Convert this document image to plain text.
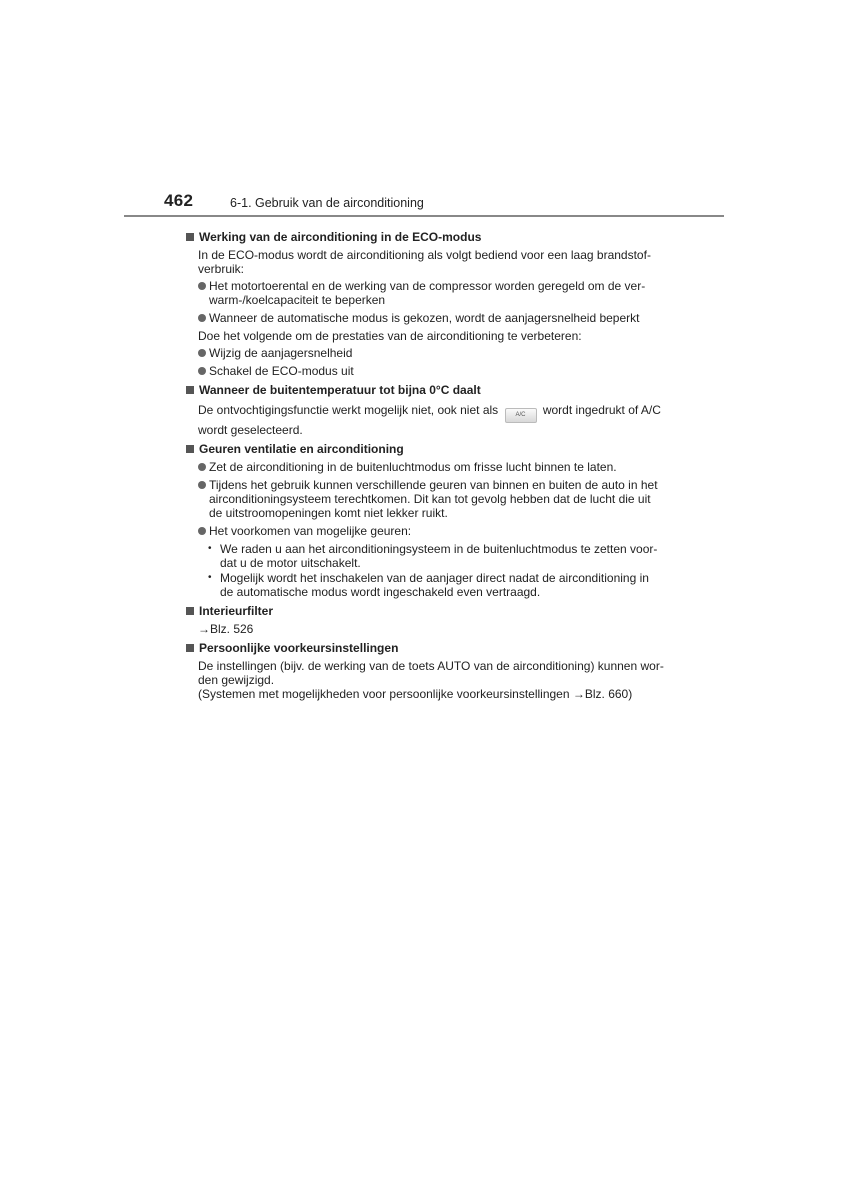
462	6-1. Gebruik van de airconditioning
Werking van de airconditioning in de ECO-modus
In de ECO-modus wordt de airconditioning als volgt bediend voor een laag brandstof-verbruik:
Het motortoerental en de werking van de compressor worden geregeld om de ver-warm-/koelcapaciteit te beperken
Wanneer de automatische modus is gekozen, wordt de aanjagersnelheid beperkt
Doe het volgende om de prestaties van de airconditioning te verbeteren:
Wijzig de aanjagersnelheid
Schakel de ECO-modus uit
Wanneer de buitentemperatuur tot bijna 0°C daalt
De ontvochtigingsfunctie werkt mogelijk niet, ook niet als	A/C wordt ingedrukt of A/C wordt geselecteerd.
Geuren ventilatie en airconditioning
Zet de airconditioning in de buitenluchtmodus om frisse lucht binnen te laten.
Tijdens het gebruik kunnen verschillende geuren van binnen en buiten de auto in het airconditioningsysteem terechtkomen. Dit kan tot gevolg hebben dat de lucht die uit de uitstroomopeningen komt niet lekker ruikt.
Het voorkomen van mogelijke geuren:
• We raden u aan het airconditioningsysteem in de buitenluchtmodus te zetten voor-dat u de motor uitschakelt.
• Mogelijk wordt het inschakelen van de aanjager direct nadat de airconditioning in de automatische modus wordt ingeschakeld even vertraagd.
Interieurfilter
→Blz. 526
Persoonlijke voorkeursinstellingen
De instellingen (bijv. de werking van de toets AUTO van de airconditioning) kunnen wor-den gewijzigd.
(Systemen met mogelijkheden voor persoonlijke voorkeursinstellingen →Blz. 660)
